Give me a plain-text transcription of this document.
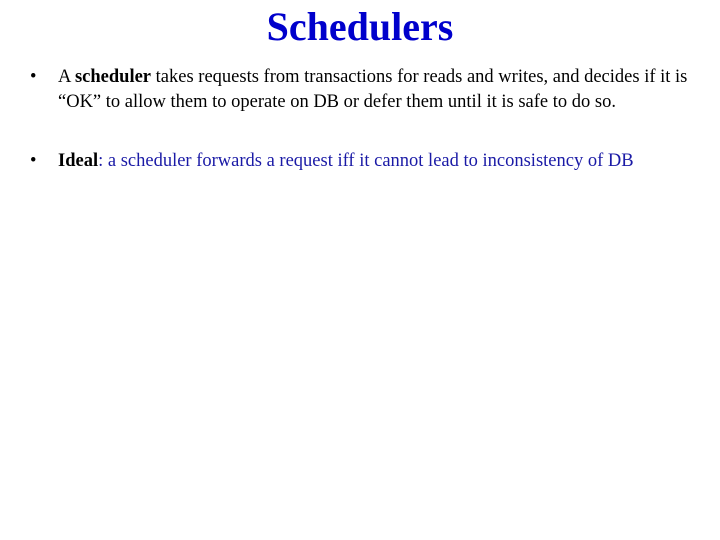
Schedulers
•	A scheduler takes requests from transactions for reads and writes, and decides if it is “OK” to allow them to operate on DB or defer them until it is safe to do so.
•	Ideal: a scheduler forwards a request iff it cannot lead to inconsistency of DB
